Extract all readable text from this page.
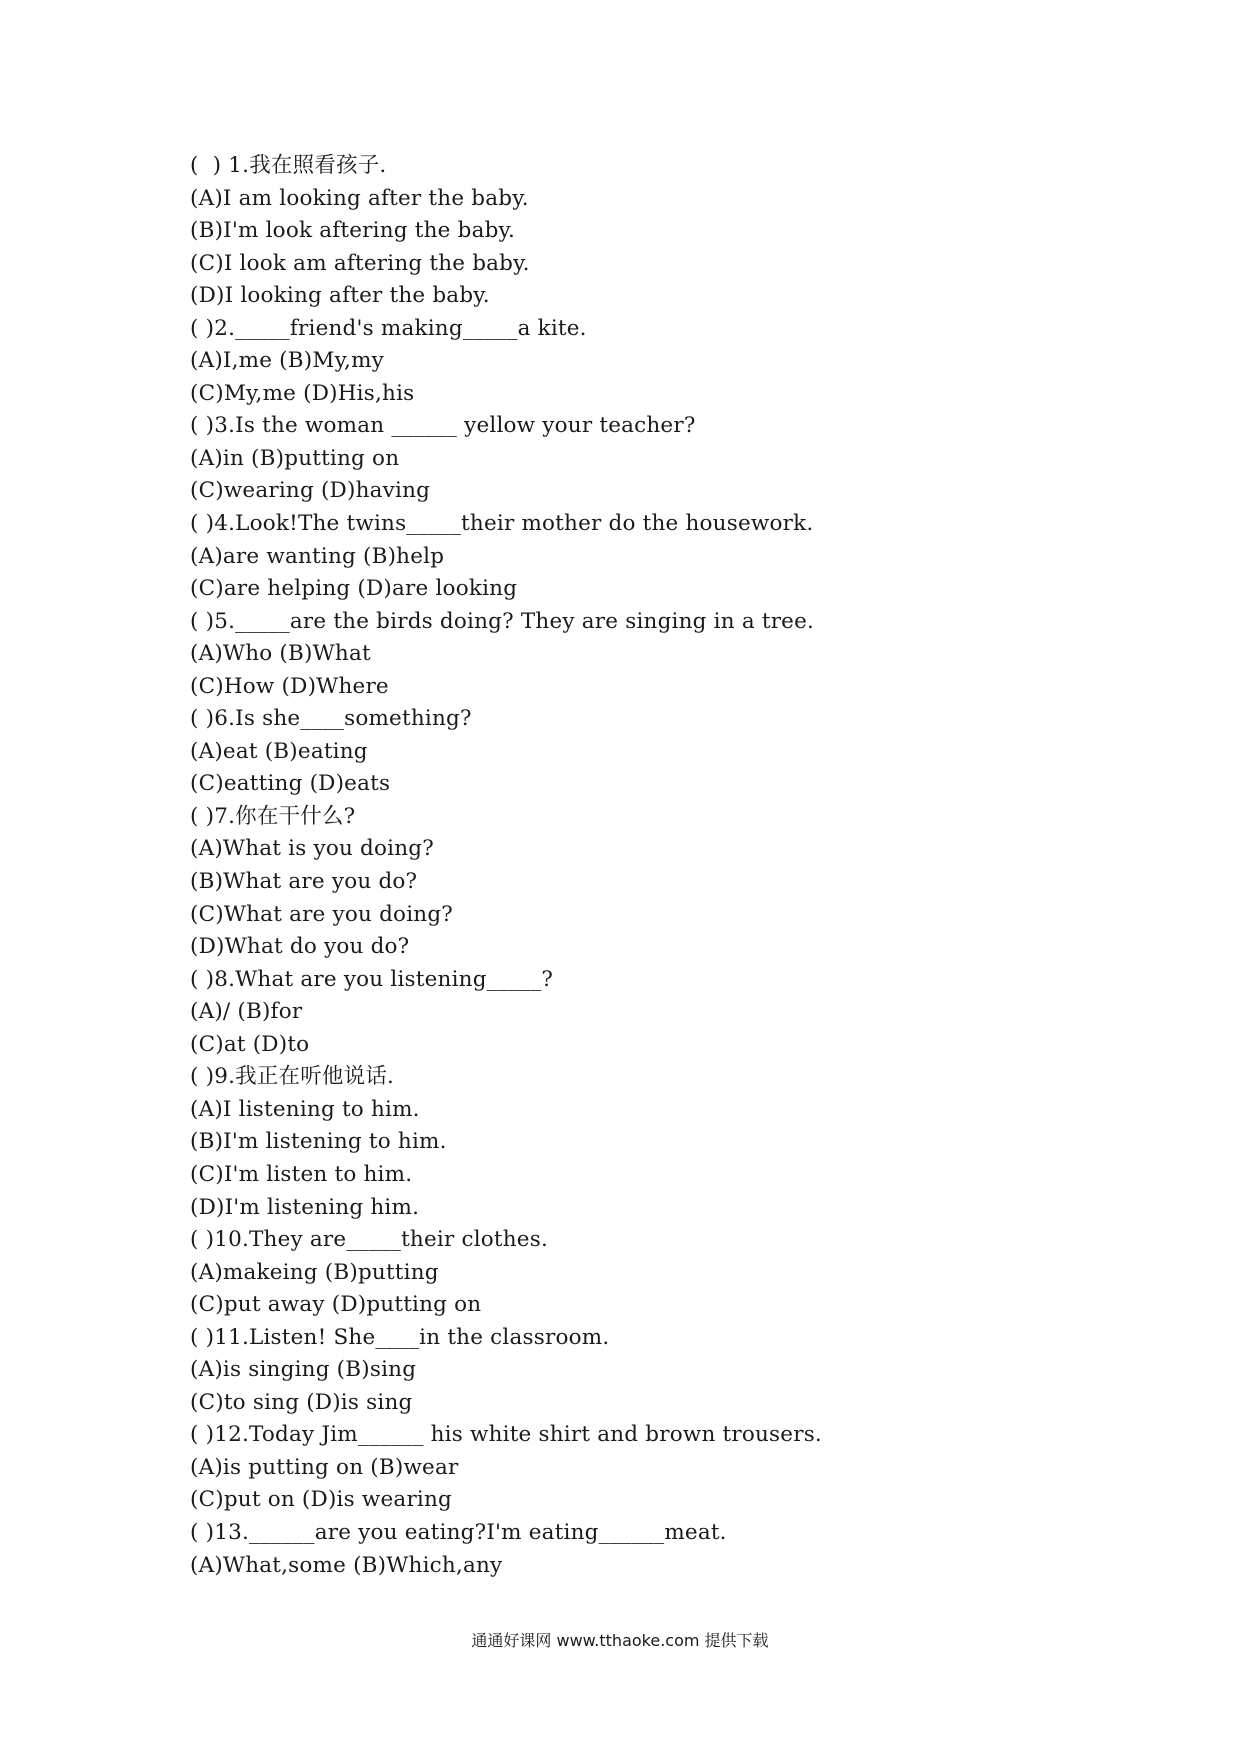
(  ) 1.我在照看孩子.
(A)I am looking after the baby.
(B)I'm look aftering the baby.
(C)I look am aftering the baby.
(D)I looking after the baby.
( )2._____friend's making_____a kite.
(A)I,me (B)My,my
(C)My,me (D)His,his
( )3.Is the woman ______ yellow your teacher?
(A)in (B)putting on
(C)wearing (D)having
( )4.Look!The twins_____their mother do the housework.
(A)are wanting (B)help
(C)are helping (D)are looking
( )5._____are the birds doing? They are singing in a tree.
(A)Who (B)What
(C)How (D)Where
( )6.Is she____something?
(A)eat (B)eating
(C)eatting (D)eats
( )7.你在干什么?
(A)What is you doing?
(B)What are you do?
(C)What are you doing?
(D)What do you do?
( )8.What are you listening_____?
(A)/ (B)for
(C)at (D)to
( )9.我正在听他说话.
(A)I listening to him.
(B)I'm listening to him.
(C)I'm listen to him.
(D)I'm listening him.
( )10.They are_____their clothes.
(A)makeing (B)putting
(C)put away (D)putting on
( )11.Listen! She____in the classroom.
(A)is singing (B)sing
(C)to sing (D)is sing
( )12.Today Jim______ his white shirt and brown trousers.
(A)is putting on (B)wear
(C)put on (D)is wearing
( )13.______are you eating?I'm eating______meat.
(A)What,some (B)Which,any
通通好课网 www.tthaoke.com 提供下载
